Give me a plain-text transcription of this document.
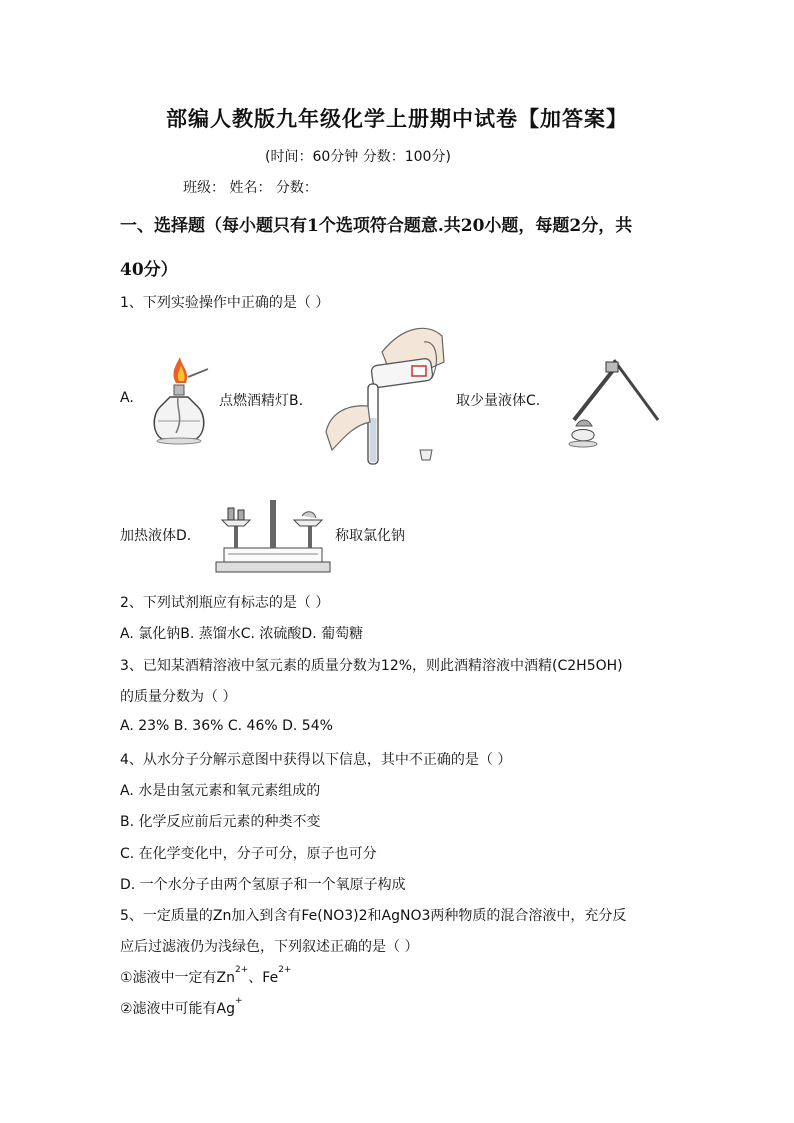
部编人教版九年级化学上册期中试卷【加答案】
(时间：60分钟 分数：100分)
班级： 姓名： 分数：
一、选择题（每小题只有1个选项符合题意.共20小题，每题2分，共
40分）
1、下列实验操作中正确的是（ ）
A.	点燃酒精灯B.	取少量液体C.
加热液体D.	称取氯化钠
2、下列试剂瓶应有标志的是（ ）
A. 氯化钠B. 蒸馏水C. 浓硫酸D. 葡萄糖
3、已知某酒精溶液中氢元素的质量分数为12%，则此酒精溶液中酒精(C2H5OH)
的质量分数为（ ）
A. 23% B. 36% C. 46% D. 54%
4、从水分子分解示意图中获得以下信息，其中不正确的是（ ）
A. 水是由氢元素和氧元素组成的
B. 化学反应前后元素的种类不变
C. 在化学变化中，分子可分，原子也可分
D. 一个水分子由两个氢原子和一个氧原子构成
5、一定质量的Zn加入到含有Fe(NO3)2和AgNO3两种物质的混合溶液中，充分反
应后过滤液仍为浅绿色，下列叙述正确的是（ ）
①滤液中一定有$Zn^{2+}$、$Fe^{2+}$
②滤液中可能有Ag+
